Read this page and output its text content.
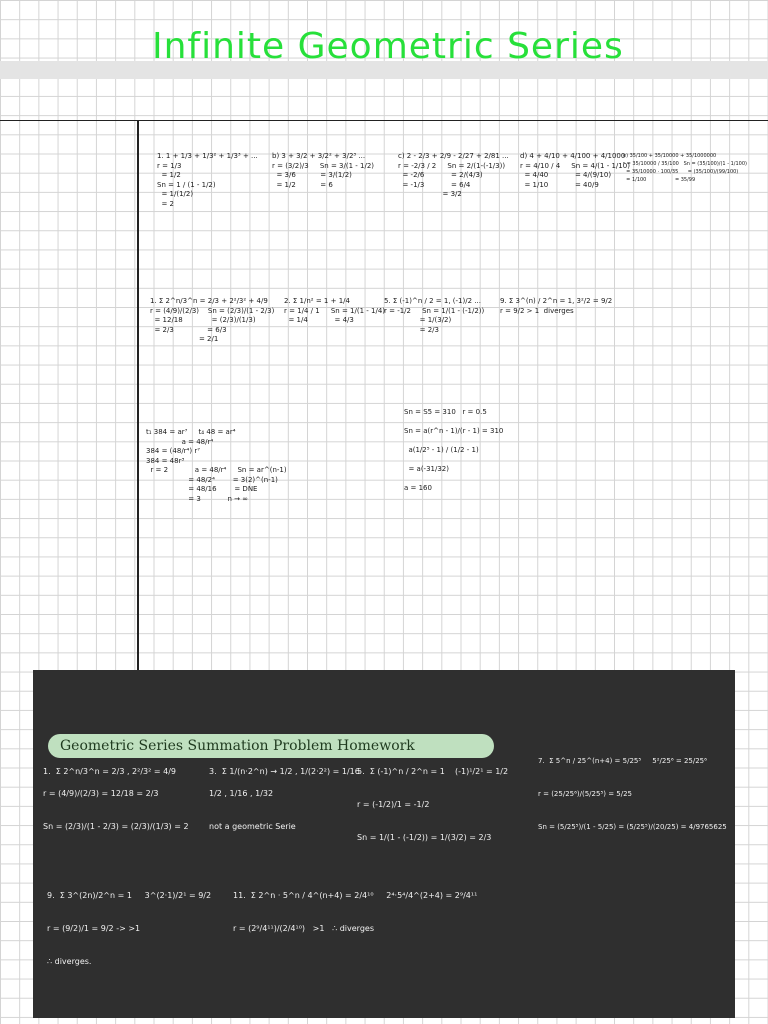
Infinite Geometric Series
1. 1 + 1/3 + 1/3² + 1/3³ + ...
r = 1/3
= 1/2
Sn = 1 / (1 - 1/2)
= 1/(1/2)
= 2
b) 3 + 3/2 + 3/2² + 3/2³ ...
r = (3/2)/3     Sn = 3/(1 - 1/2)
= 3/6           = 3/(1/2)
= 1/2           = 6
c) 2 - 2/3 + 2/9 - 2/27 + 2/81 ...
r = -2/3 / 2     Sn = 2/(1-(-1/3))
= -2/6            = 2/(4/3)
= -1/3            = 6/4
= 3/2
d) 4 + 4/10 + 4/100 + 4/1000
r = 4/10 / 4     Sn = 4/(1 - 1/10)
= 4/40            = 4/(9/10)
= 1/10            = 40/9
e) 35/100 + 35/10000 + 35/1000000
r = 35/10000 / 35/100   Sn = (35/100)/(1 - 1/100)
= 35/10000 · 100/35      = (35/100)/(99/100)
= 1/100                  = 35/99
1. Σ 2^n/3^n = 2/3 + 2²/3² + 4/9
r = (4/9)/(2/3)    Sn = (2/3)/(1 - 2/3)
= 12/18             = (2/3)/(1/3)
= 2/3               = 6/3
= 2/1
2. Σ 1/n² = 1 + 1/4
r = 1/4 / 1     Sn = 1/(1 - 1/4)
= 1/4            = 4/3
5. Σ (-1)^n / 2 = 1, (-1)/2 ...
r = -1/2     Sn = 1/(1 - (-1/2))
= 1/(3/2)
= 2/3
9. Σ 3^(n) / 2^n = 1, 3²/2 = 9/2
r = 9/2 > 1  diverges
t₁ 384 = ar⁷     t₄ 48 = ar⁴
a = 48/r⁴
384 = (48/r⁴) r⁷
384 = 48r³
r = 2            a = 48/r⁴     Sn = ar^(n-1)
= 48/2⁴        = 3(2)^(n-1)
= 48/16        = DNE
= 3            n → ∞
Sn = S5 = 310   r = 0.5

Sn = a(r^n - 1)/(r - 1) = 310

a(1/2⁵ - 1) / (1/2 - 1)

= a(-31/32)

a = 160

Geometric Series Summation Problem Homework

1.  Σ 2^n/3^n = 2/3 , 2²/3² = 4/9

r = (4/9)/(2/3) = 12/18 = 2/3

Sn = (2/3)/(1 - 2/3) = (2/3)/(1/3) = 2
3.  Σ 1/(n·2^n) → 1/2 , 1/(2·2²) = 1/16

1/2 , 1/16 , 1/32

not a geometric Serie
5.  Σ (-1)^n / 2^n = 1    (-1)¹/2¹ = 1/2

r = (-1/2)/1 = -1/2

Sn = 1/(1 - (-1/2)) = 1/(3/2) = 2/3
7.  Σ 5^n / 25^(n+4) = 5/25⁵     5²/25⁶ = 25/25⁶

r = (25/25⁶)/(5/25⁵) = 5/25

Sn = (5/25⁵)/(1 - 5/25) = (5/25⁵)/(20/25) = 4/9765625
9.  Σ 3^(2n)/2^n = 1     3^(2·1)/2¹ = 9/2

r = (9/2)/1 = 9/2 -> >1

∴ diverges.
11.  Σ 2^n · 5^n / 4^(n+4) = 2/4¹⁰     2⁴·5⁴/4^(2+4) = 2⁹/4¹¹

r = (2⁹/4¹¹)/(2/4¹⁰)   >1   ∴ diverges
